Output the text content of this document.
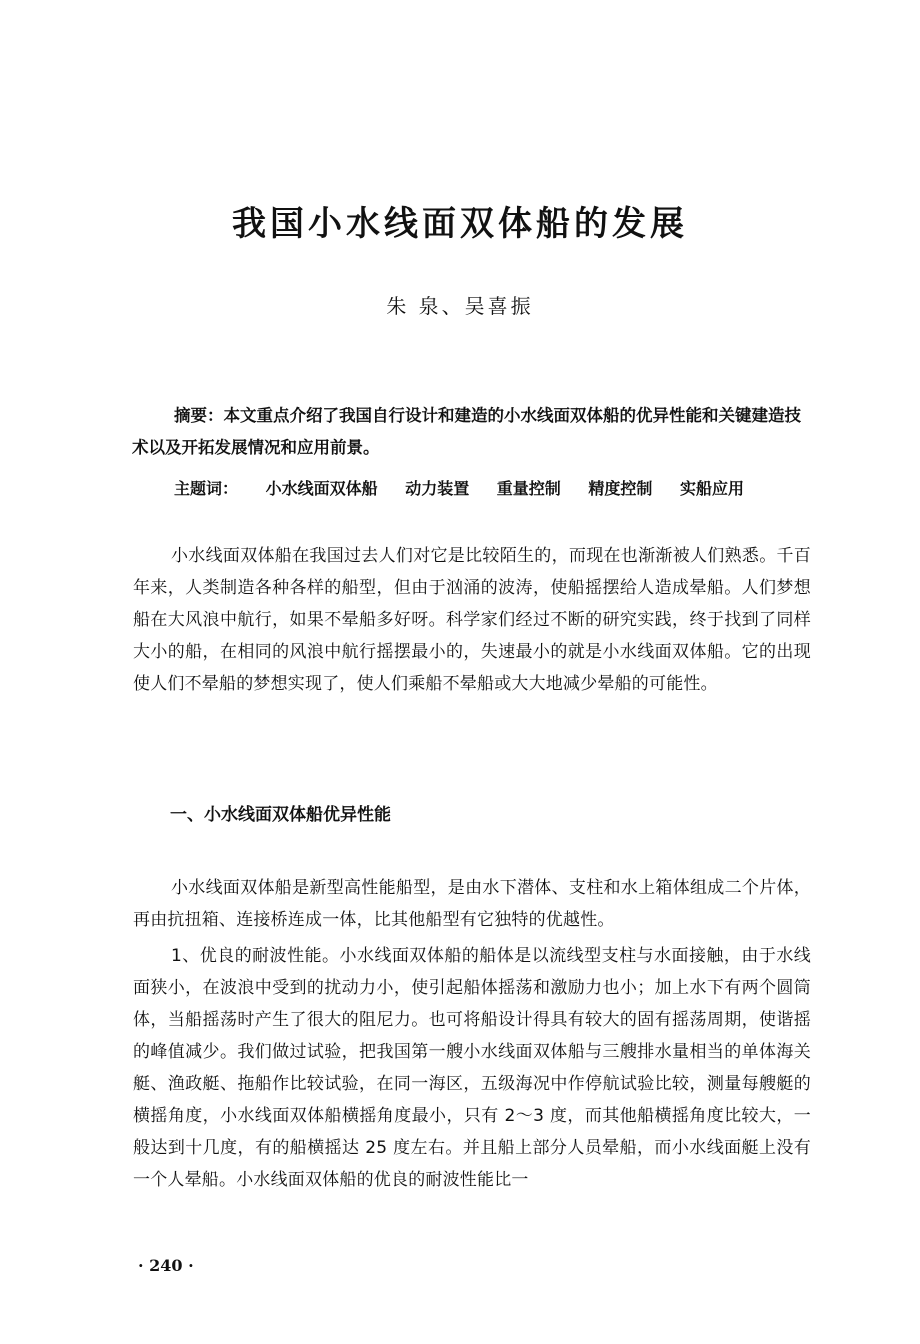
我国小水线面双体船的发展
朱 泉、吴喜振
摘要：本文重点介绍了我国自行设计和建造的小水线面双体船的优异性能和关键建造技术以及开拓发展情况和应用前景。
主题词： 小水线面双体船 动力装置 重量控制 精度控制 实船应用
小水线面双体船在我国过去人们对它是比较陌生的，而现在也渐渐被人们熟悉。千百年来，人类制造各种各样的船型，但由于汹涌的波涛，使船摇摆给人造成晕船。人们梦想船在大风浪中航行，如果不晕船多好呀。科学家们经过不断的研究实践，终于找到了同样大小的船，在相同的风浪中航行摇摆最小的，失速最小的就是小水线面双体船。它的出现使人们不晕船的梦想实现了，使人们乘船不晕船或大大地减少晕船的可能性。
一、小水线面双体船优异性能
小水线面双体船是新型高性能船型，是由水下潜体、支柱和水上箱体组成二个片体，再由抗扭箱、连接桥连成一体，比其他船型有它独特的优越性。
1、优良的耐波性能。小水线面双体船的船体是以流线型支柱与水面接触，由于水线面狭小，在波浪中受到的扰动力小，使引起船体摇荡和激励力也小；加上水下有两个圆筒体，当船摇荡时产生了很大的阻尼力。也可将船设计得具有较大的固有摇荡周期，使谐摇的峰值减少。我们做过试验，把我国第一艘小水线面双体船与三艘排水量相当的单体海关艇、渔政艇、拖船作比较试验，在同一海区，五级海况中作停航试验比较，测量每艘艇的横摇角度，小水线面双体船横摇角度最小，只有 2～3 度，而其他船横摇角度比较大，一般达到十几度，有的船横摇达 25 度左右。并且船上部分人员晕船，而小水线面艇上没有一个人晕船。小水线面双体船的优良的耐波性能比一
· 240 ·
